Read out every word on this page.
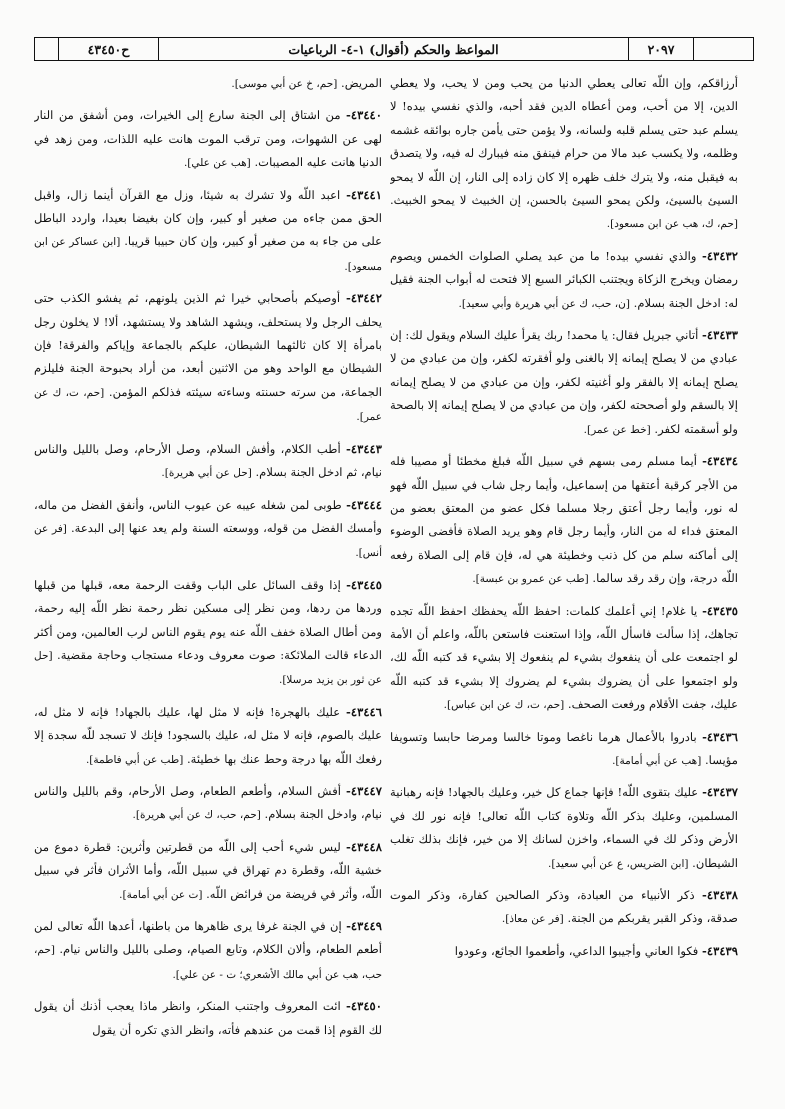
٢٠٩٧
المواعظ والحكم (أقوال) ١-٤- الرباعيات
ح٤٣٤٥٠

أرزاقكم، وإن اللّه تعالى يعطي الدنيا من يحب ومن لا يحب، ولا يعطي الدين، إلا من أحب، ومن أعطاه الدين فقد أحبه، والذي نفسي بيده! لا يسلم عبد حتى يسلم قلبه ولسانه، ولا يؤمن حتى يأمن جاره بوائقه غشمه وظلمه، ولا يكسب عبد مالا من حرام فينفق منه فيبارك له فيه، ولا يتصدق به فيقبل منه، ولا يترك خلف ظهره إلا كان زاده إلى النار، إن اللّه لا يمحو السيئ بالسيئ، ولكن يمحو السيئ بالحسن، إن الخبيث لا يمحو الخبيث. [حم، ك، هب عن ابن مسعود].

٤٣٤٣٢- والذي نفسي بيده! ما من عبد يصلي الصلوات الخمس ويصوم رمضان ويخرج الزكاة ويجتنب الكبائر السبع إلا فتحت له أبواب الجنة فقيل له: ادخل الجنة بسلام. [ن، حب، ك عن أبي هريرة وأبي سعيد].

٤٣٤٣٣- أتاني جبريل فقال: يا محمد! ربك يقرأ عليك السلام ويقول لك: إن عبادي من لا يصلح إيمانه إلا بالغنى ولو أفقرته لكفر، وإن من عبادي من لا يصلح إيمانه إلا بالفقر ولو أغنيته لكفر، وإن من عبادي من لا يصلح إيمانه إلا بالسقم ولو أصححته لكفر، وإن من عبادي من لا يصلح إيمانه إلا بالصحة ولو أسقمته لكفر. [خط عن عمر].

٤٣٤٣٤- أيما مسلم رمى بسهم في سبيل اللّه فبلغ مخطئا أو مصيبا فله من الأجر كرقبة أعتقها من إسماعيل، وأيما رجل شاب في سبيل اللّه فهو له نور، وأيما رجل أعتق رجلا مسلما فكل عضو من المعتق بعضو من المعتق فداء له من النار، وأيما رجل قام وهو يريد الصلاة فأفضى الوضوء إلى أماكنه سلم من كل ذنب وخطيئة هي له، فإن قام إلى الصلاة رفعه اللّه درجة، وإن رقد رقد سالما. [طب عن عمرو بن عبسة].

٤٣٤٣٥- يا غلام! إني أعلمك كلمات: احفظ اللّه يحفظك احفظ اللّه تجده تجاهك، إذا سألت فاسأل اللّه، وإذا استعنت فاستعن باللّه، واعلم أن الأمة لو اجتمعت على أن ينفعوك بشيء لم ينفعوك إلا بشيء قد كتبه اللّه لك، ولو اجتمعوا على أن يضروك بشيء لم يضروك إلا بشيء قد كتبه اللّه عليك، جفت الأقلام ورفعت الصحف. [حم، ت، ك عن ابن عباس].

٤٣٤٣٦- بادروا بالأعمال هرما ناغصا وموتا خالسا ومرضا حابسا وتسويفا مؤيسا. [هب عن أبي أمامة].

٤٣٤٣٧- عليك بتقوى اللّه! فإنها جماع كل خير، وعليك بالجهاد! فإنه رهبانية المسلمين، وعليك بذكر اللّه وتلاوة كتاب اللّه تعالى! فإنه نور لك في الأرض وذكر لك في السماء، واخزن لسانك إلا من خير، فإنك بذلك تغلب الشيطان. [ابن الضريس، ع عن أبي سعيد].

٤٣٤٣٨- ذكر الأنبياء من العبادة، وذكر الصالحين كفارة، وذكر الموت صدقة، وذكر القبر يقربكم من الجنة. [فر عن معاذ].

٤٣٤٣٩- فكوا العاني وأجيبوا الداعي، وأطعموا الجائع، وعودوا

المريض. [حم، خ عن أبي موسى].

٤٣٤٤٠- من اشتاق إلى الجنة سارع إلى الخيرات، ومن أشفق من النار لهى عن الشهوات، ومن ترقب الموت هانت عليه اللذات، ومن زهد في الدنيا هانت عليه المصيبات. [هب عن علي].

٤٣٤٤١- اعبد اللّه ولا تشرك به شيئا، وزل مع القرآن أينما زال، واقبل الحق ممن جاءه من صغير أو كبير، وإن كان بغيضا بعيدا، واردد الباطل على من جاء به من صغير أو كبير، وإن كان حبيبا قريبا. [ابن عساكر عن ابن مسعود].

٤٣٤٤٢- أوصيكم بأصحابي خيرا ثم الذين يلونهم، ثم يفشو الكذب حتى يحلف الرجل ولا يستحلف، ويشهد الشاهد ولا يستشهد، ألا! لا يخلون رجل بامرأة إلا كان ثالثهما الشيطان، عليكم بالجماعة وإياكم والفرقة! فإن الشيطان مع الواحد وهو من الاثنين أبعد، من أراد بحبوحة الجنة فليلزم الجماعة، من سرته حسنته وساءته سيئته فذلكم المؤمن. [حم، ت، ك عن عمر].

٤٣٤٤٣- أطب الكلام، وأفش السلام، وصل الأرحام، وصل بالليل والناس نيام، ثم ادخل الجنة بسلام. [حل عن أبي هريرة].

٤٣٤٤٤- طوبى لمن شغله عيبه عن عيوب الناس، وأنفق الفضل من ماله، وأمسك الفضل من قوله، ووسعته السنة ولم يعد عنها إلى البدعة. [فر عن أنس].

٤٣٤٤٥- إذا وقف السائل على الباب وقفت الرحمة معه، قبلها من قبلها وردها من ردها، ومن نظر إلى مسكين نظر رحمة نظر اللّه إليه رحمة، ومن أطال الصلاة خفف اللّه عنه يوم يقوم الناس لرب العالمين، ومن أكثر الدعاء قالت الملائكة: صوت معروف ودعاء مستجاب وحاجة مقضية. [حل عن ثور بن يزيد مرسلا].

٤٣٤٤٦- عليك بالهجرة! فإنه لا مثل لها، عليك بالجهاد! فإنه لا مثل له، عليك بالصوم، فإنه لا مثل له، عليك بالسجود! فإنك لا تسجد للّه سجدة إلا رفعك اللّه بها درجة وحط عنك بها خطيئة. [طب عن أبي فاطمة].

٤٣٤٤٧- أفش السلام، وأطعم الطعام، وصل الأرحام، وقم بالليل والناس نيام، وادخل الجنة بسلام. [حم، حب، ك عن أبي هريرة].

٤٣٤٤٨- ليس شيء أحب إلى اللّه من قطرتين وأثرين: قطرة دموع من خشية اللّه، وقطرة دم تهراق في سبيل اللّه، وأما الأثران فأثر في سبيل اللّه، وأثر في فريضة من فرائض اللّه. [ت عن أبي أمامة].

٤٣٤٤٩- إن في الجنة غرفا يرى ظاهرها من باطنها، أعدها اللّه تعالى لمن أطعم الطعام، وألان الكلام، وتابع الصيام، وصلى بالليل والناس نيام. [حم، حب، هب عن أبي مالك الأشعري؛ ت - عن علي].

٤٣٤٥٠- ائت المعروف واجتنب المنكر، وانظر ماذا يعجب أذنك أن يقول لك القوم إذا قمت من عندهم فأته، وانظر الذي تكره أن يقول
